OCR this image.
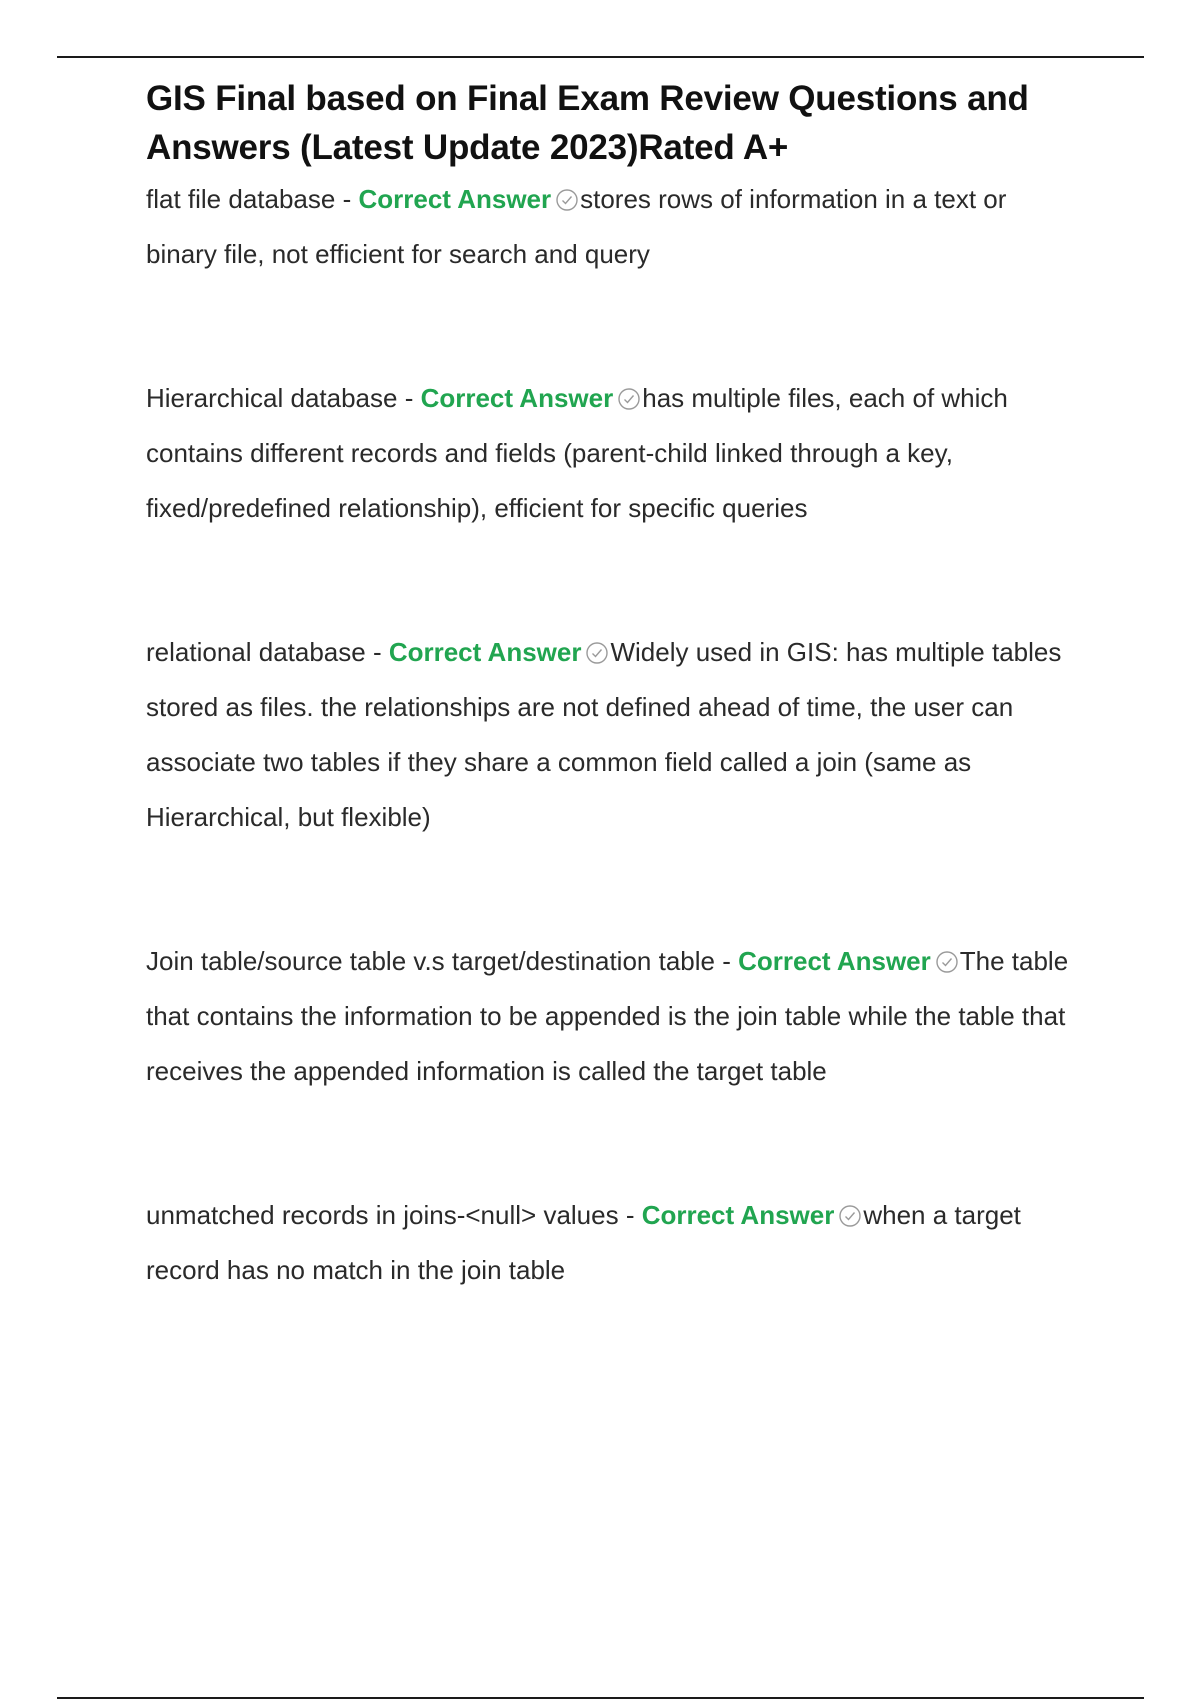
GIS Final based on Final Exam Review Questions and Answers (Latest Update 2023)Rated A+

flat file database - Correct Answer stores rows of information in a text or binary file, not efficient for search and query

Hierarchical database - Correct Answer has multiple files, each of which contains different records and fields (parent-child linked through a key, fixed/predefined relationship), efficient for specific queries

relational database - Correct Answer Widely used in GIS: has multiple tables stored as files. the relationships are not defined ahead of time, the user can associate two tables if they share a common field called a join (same as Hierarchical, but flexible)

Join table/source table v.s target/destination table - Correct Answer The table that contains the information to be appended is the join table while the table that receives the appended information is called the target table

unmatched records in joins-<null> values - Correct Answer when a target record has no match in the join table
